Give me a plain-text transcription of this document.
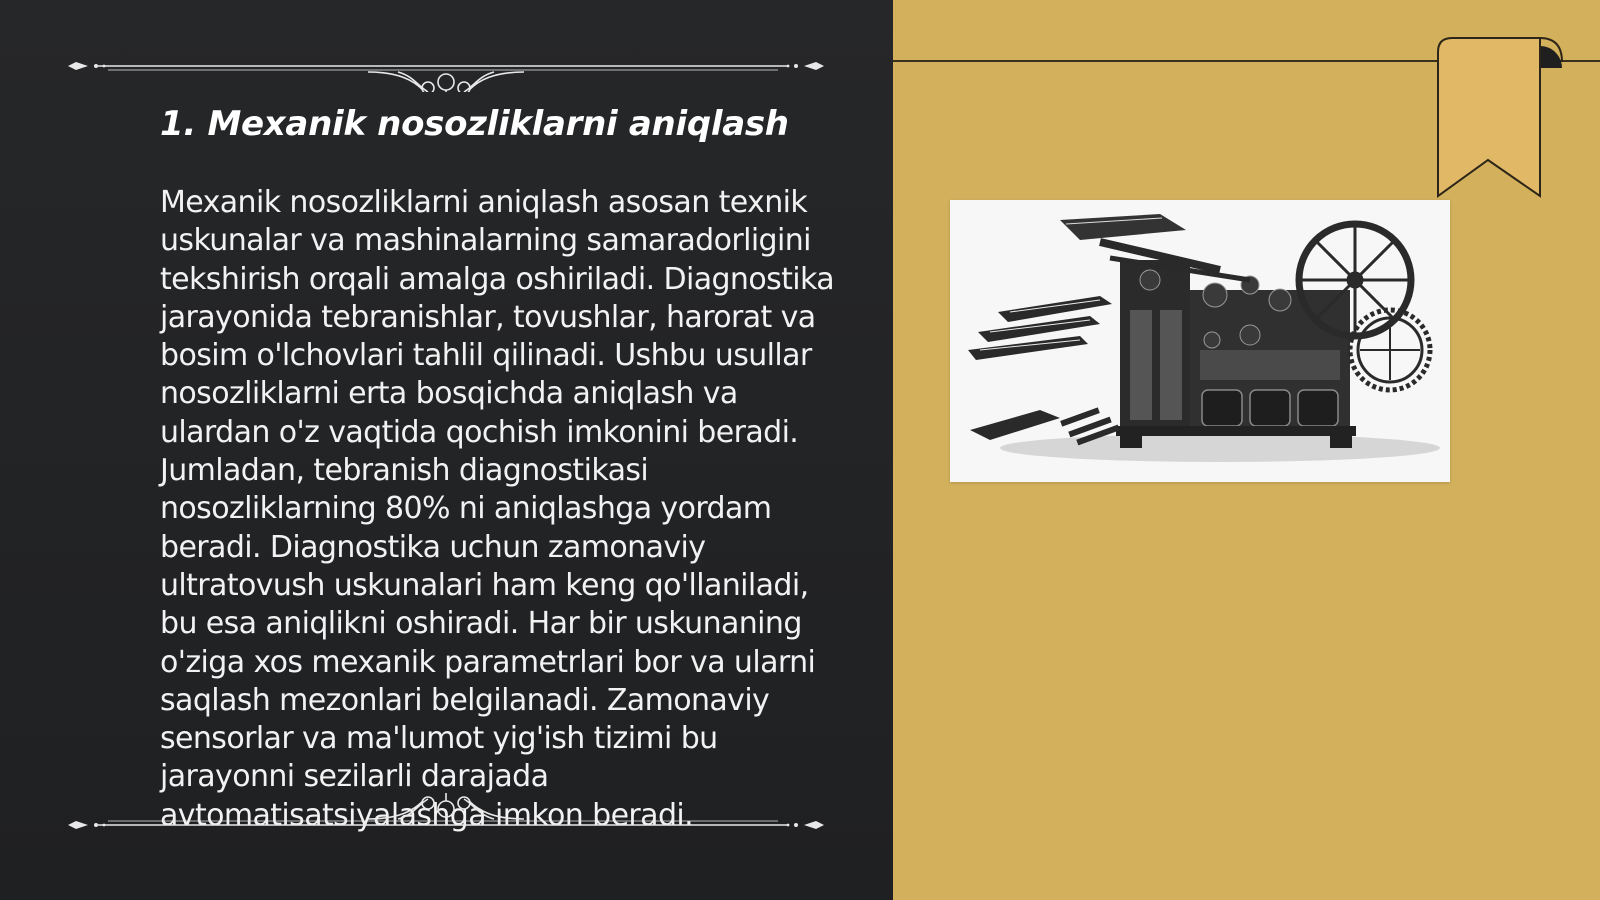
1. Mexanik nosozliklarni aniqlash

Mexanik nosozliklarni aniqlash asosan texnik uskunalar va mashinalarning samaradorligini tekshirish orqali amalga oshiriladi. Diagnostika jarayonida tebranishlar, tovushlar, harorat va bosim o'lchovlari tahlil qilinadi. Ushbu usullar nosozliklarni erta bosqichda aniqlash va ulardan o'z vaqtida qochish imkonini beradi. Jumladan, tebranish diagnostikasi nosozliklarning 80% ni aniqlashga yordam beradi. Diagnostika uchun zamonaviy ultratovush uskunalari ham keng qo'llaniladi, bu esa aniqlikni oshiradi. Har bir uskunaning o'ziga xos mexanik parametrlari bor va ularni saqlash mezonlari belgilanadi. Zamonaviy sensorlar va ma'lumot yig'ish tizimi bu jarayonni sezilarli darajada avtomatisatsiyalashga imkon beradi.
